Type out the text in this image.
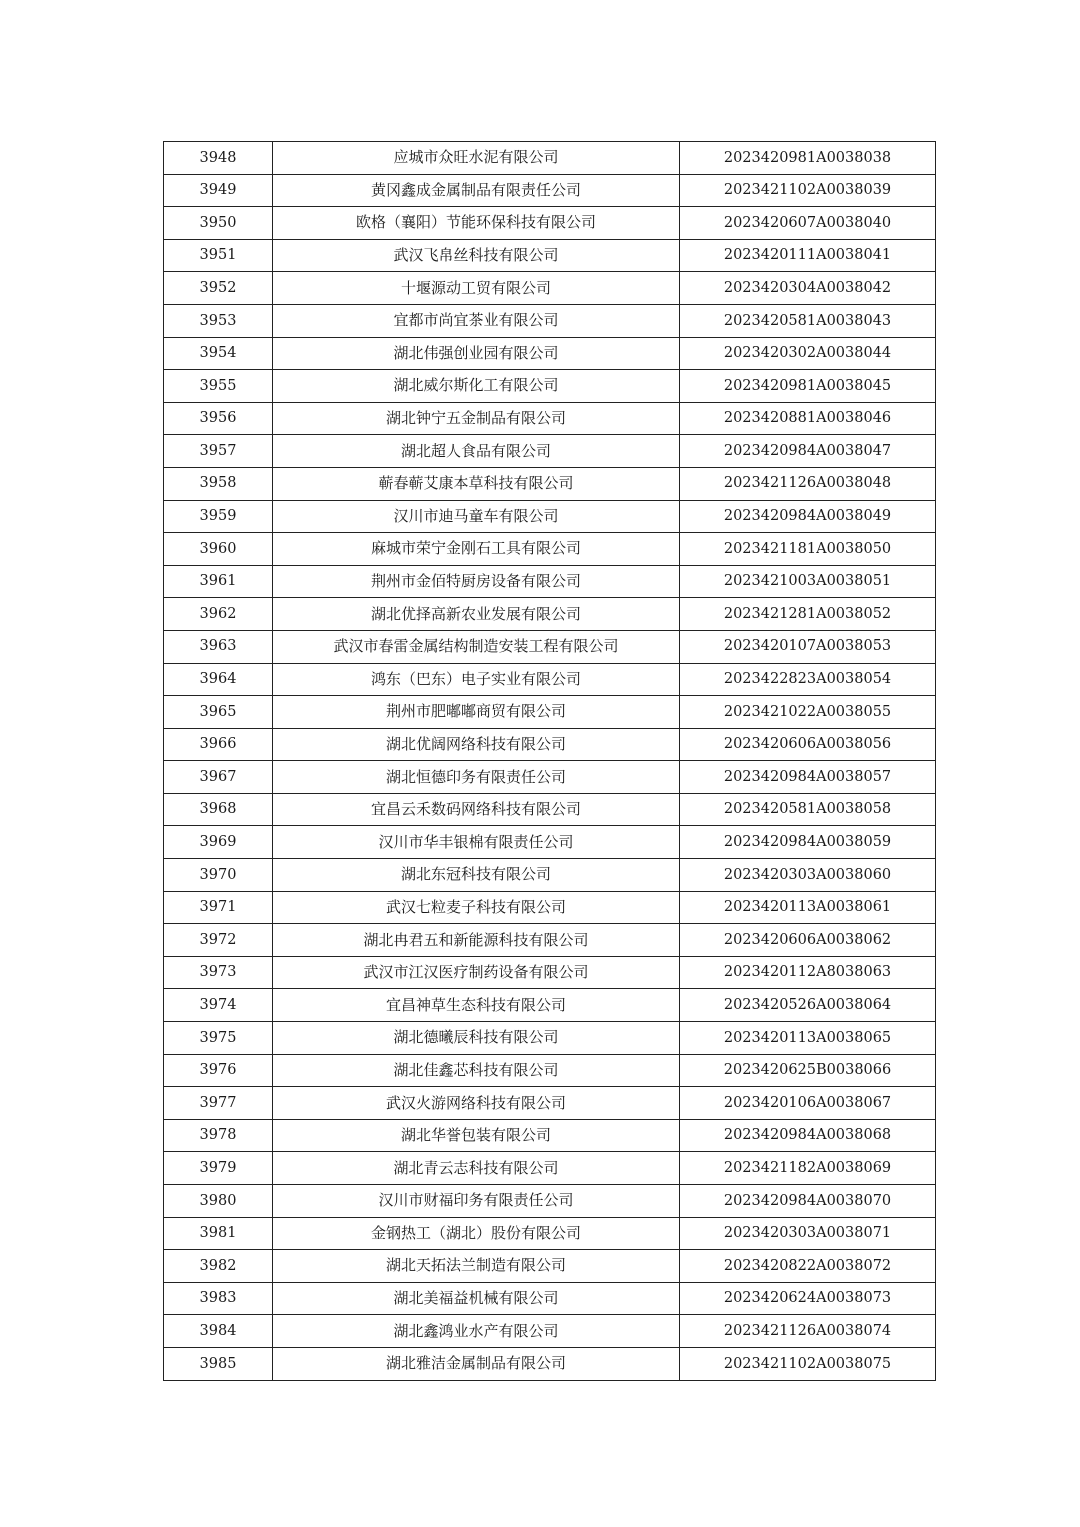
3948	应城市众旺水泥有限公司	2023420981A0038038
3949	黄冈鑫成金属制品有限责任公司	2023421102A0038039
3950	欧格（襄阳）节能环保科技有限公司	2023420607A0038040
3951	武汉飞帛丝科技有限公司	2023420111A0038041
3952	十堰源动工贸有限公司	2023420304A0038042
3953	宜都市尚宜茶业有限公司	2023420581A0038043
3954	湖北伟强创业园有限公司	2023420302A0038044
3955	湖北威尔斯化工有限公司	2023420981A0038045
3956	湖北钟宁五金制品有限公司	2023420881A0038046
3957	湖北超人食品有限公司	2023420984A0038047
3958	蕲春蕲艾康本草科技有限公司	2023421126A0038048
3959	汉川市迪马童车有限公司	2023420984A0038049
3960	麻城市荣宁金刚石工具有限公司	2023421181A0038050
3961	荆州市金佰特厨房设备有限公司	2023421003A0038051
3962	湖北优择高新农业发展有限公司	2023421281A0038052
3963	武汉市春雷金属结构制造安装工程有限公司	2023420107A0038053
3964	鸿东（巴东）电子实业有限公司	2023422823A0038054
3965	荆州市肥嘟嘟商贸有限公司	2023421022A0038055
3966	湖北优阔网络科技有限公司	2023420606A0038056
3967	湖北恒德印务有限责任公司	2023420984A0038057
3968	宜昌云禾数码网络科技有限公司	2023420581A0038058
3969	汉川市华丰银棉有限责任公司	2023420984A0038059
3970	湖北东冠科技有限公司	2023420303A0038060
3971	武汉七粒麦子科技有限公司	2023420113A0038061
3972	湖北冉君五和新能源科技有限公司	2023420606A0038062
3973	武汉市江汉医疗制药设备有限公司	2023420112A8038063
3974	宜昌神草生态科技有限公司	2023420526A0038064
3975	湖北德曦辰科技有限公司	2023420113A0038065
3976	湖北佳鑫芯科技有限公司	2023420625B0038066
3977	武汉火游网络科技有限公司	2023420106A0038067
3978	湖北华誉包装有限公司	2023420984A0038068
3979	湖北青云志科技有限公司	2023421182A0038069
3980	汉川市财福印务有限责任公司	2023420984A0038070
3981	金钢热工（湖北）股份有限公司	2023420303A0038071
3982	湖北天拓法兰制造有限公司	2023420822A0038072
3983	湖北美福益机械有限公司	2023420624A0038073
3984	湖北鑫鸿业水产有限公司	2023421126A0038074
3985	湖北雅洁金属制品有限公司	2023421102A0038075
